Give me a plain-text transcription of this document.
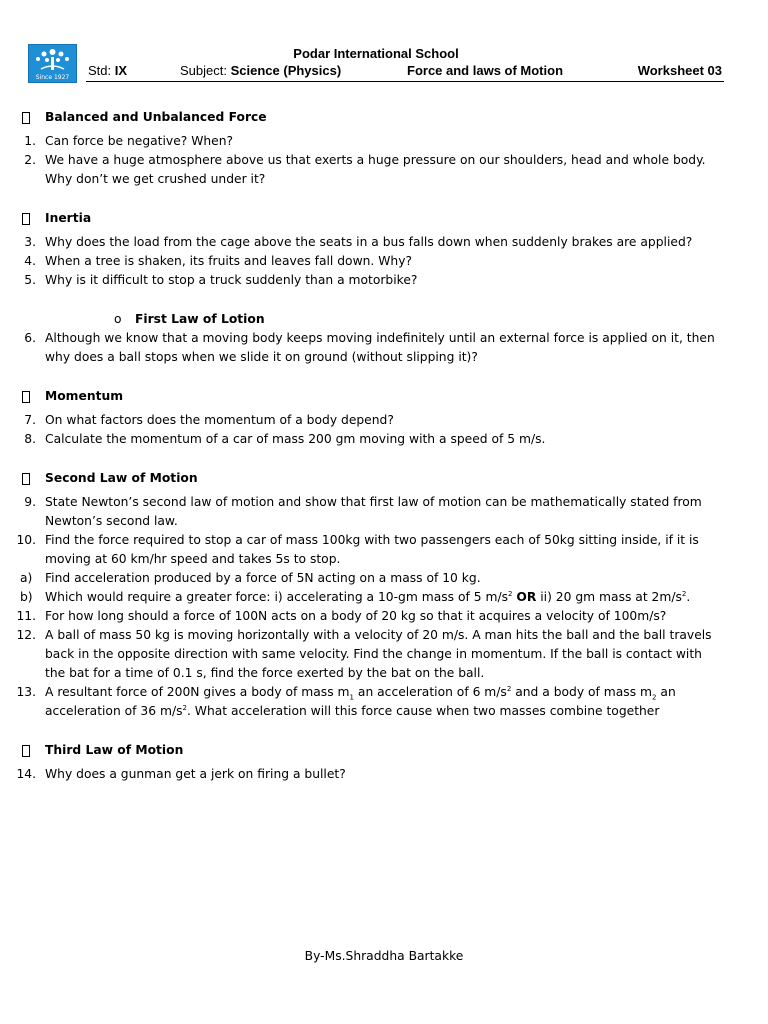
Since 1927
Podar International School
Std: IX	Subject: Science (Physics)	Force and laws of Motion	Worksheet 03

Balanced and Unbalanced Force

1. Can force be negative? When?

2. We have a huge atmosphere above us that exerts a huge pressure on our shoulders, head and whole body. Why don’t we get crushed under it?

Inertia

3. Why does the load from the cage above the seats in a bus falls down when suddenly brakes are applied?

4. When a tree is shaken, its fruits and leaves fall down. Why?

5. Why is it difficult to stop a truck suddenly than a motorbike?

o First Law of Lotion

6. Although we know that a moving body keeps moving indefinitely until an external force is applied on it, then why does a ball stops when we slide it on ground (without slipping it)?

Momentum

7. On what factors does the momentum of a body depend?

8. Calculate the momentum of a car of mass 200 gm moving with a speed of 5 m/s.

Second Law of Motion

9. State Newton’s second law of motion and show that first law of motion can be mathematically stated from Newton’s second law.

10. Find the force required to stop a car of mass 100kg with two passengers each of 50kg sitting inside, if it is moving at 60 km/hr speed and takes 5s to stop.

a) Find acceleration produced by a force of 5N acting on a mass of 10 kg.

b) Which would require a greater force: i) accelerating a 10-gm mass of 5 $m/s^2$ OR ii) 20 gm mass at $2m/s^2$.

11. For how long should a force of 100N acts on a body of 20 kg so that it acquires a velocity of 100m/s?

12. A ball of mass 50 kg is moving horizontally with a velocity of 20 m/s. A man hits the ball and the ball travels back in the opposite direction with same velocity. Find the change in momentum. If the ball is contact with the bat for a time of 0.1 s, find the force exerted by the bat on the ball.

13. A resultant force of 200N gives a body of mass $m_1$ an acceleration of 6 $m/s^2$ and a body of mass $m_2$ an acceleration of 36 $m/s^2$. What acceleration will this force cause when two masses combine together

Third Law of Motion

14. Why does a gunman get a jerk on firing a bullet?

By-Ms.Shraddha Bartakke
